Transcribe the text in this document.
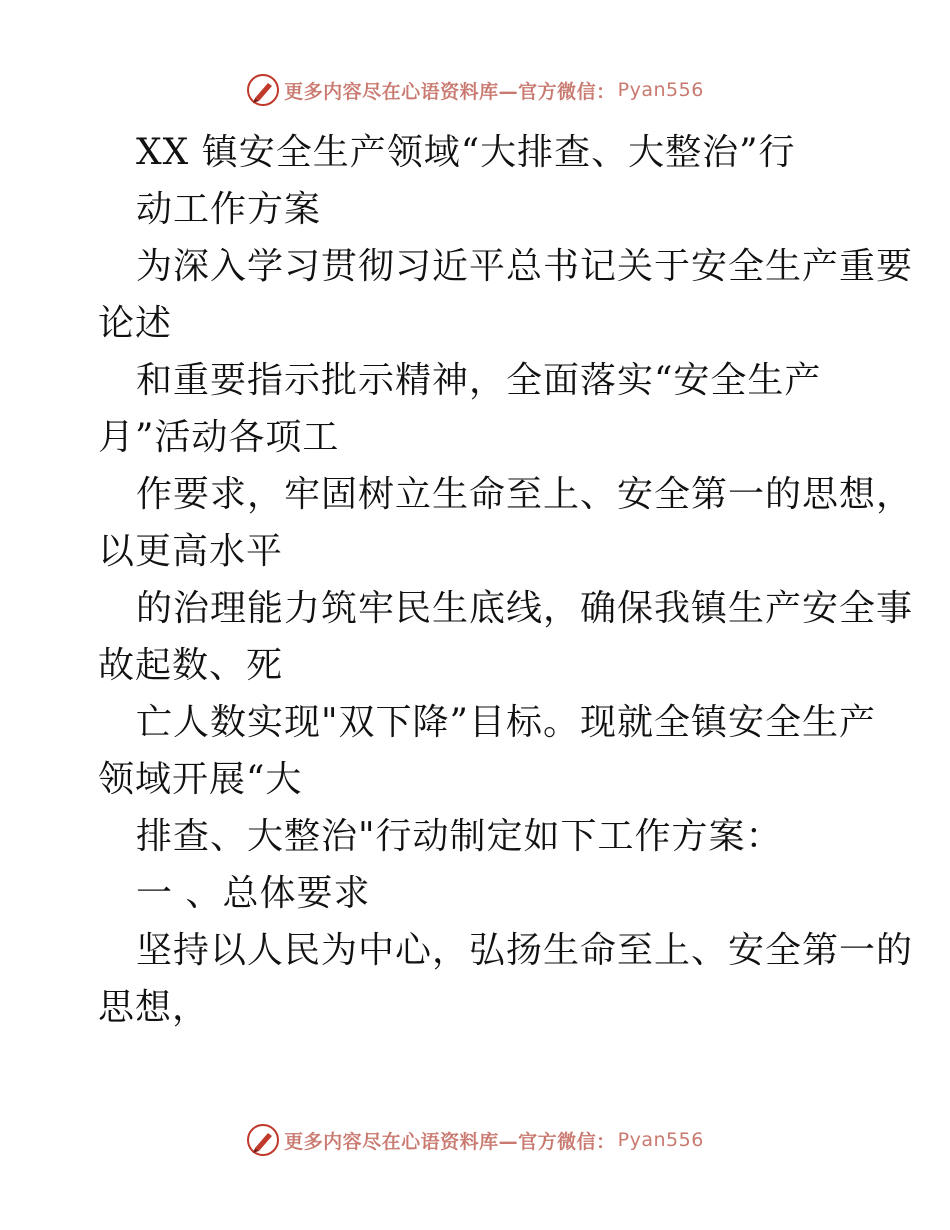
更多内容尽在心语资料库—官方微信： Pyan556
XX 镇安全生产领域“大排查、大整治”行
动工作方案
为深入学习贯彻习近平总书记关于安全生产重要
论述
和重要指示批示精神，全面落实“安全生产
月”活动各项工
作要求，牢固树立生命至上、安全第一的思想，
以更高水平
的治理能力筑牢民生底线，确保我镇生产安全事
故起数、死
亡人数实现"双下降”目标。现就全镇安全生产
领域开展“大
排查、大整治"行动制定如下工作方案：
一 、总体要求
坚持以人民为中心，弘扬生命至上、安全第一的
思想，
更多内容尽在心语资料库—官方微信： Pyan556
